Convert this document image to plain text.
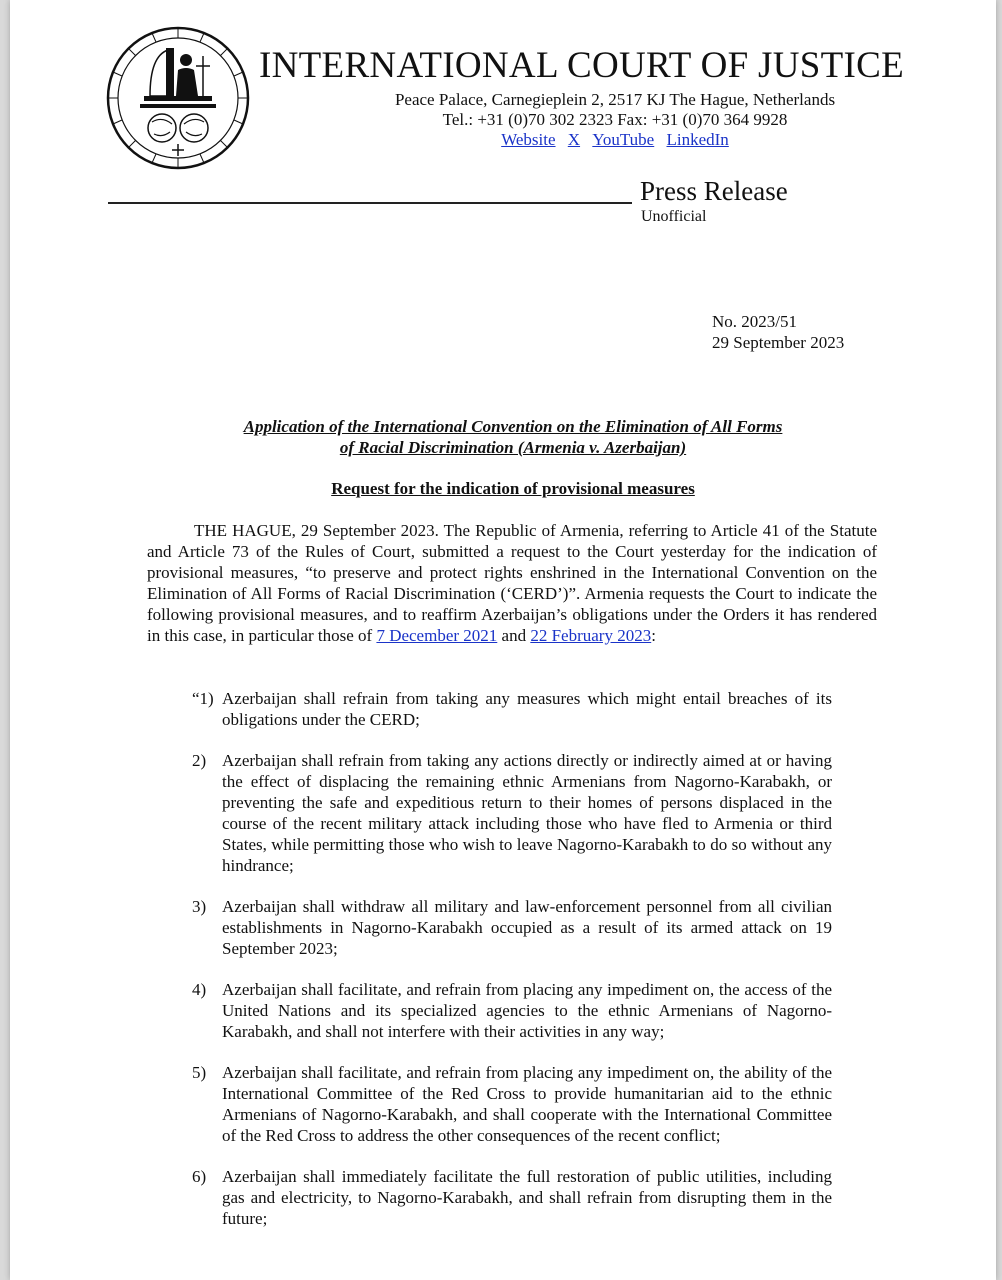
INTERNATIONAL COURT OF JUSTICE
Peace Palace, Carnegieplein 2, 2517 KJ The Hague, Netherlands
Tel.: +31 (0)70 302 2323 Fax: +31 (0)70 364 9928
Website X YouTube LinkedIn
Press Release
Unofficial
No. 2023/51
29 September 2023
Application of the International Convention on the Elimination of All Forms
of Racial Discrimination (Armenia v. Azerbaijan)
Request for the indication of provisional measures
THE HAGUE, 29 September 2023. The Republic of Armenia, referring to Article 41 of the Statute and Article 73 of the Rules of Court, submitted a request to the Court yesterday for the indication of provisional measures, “to preserve and protect rights enshrined in the International Convention on the Elimination of All Forms of Racial Discrimination (‘CERD’)”. Armenia requests the Court to indicate the following provisional measures, and to reaffirm Azerbaijan’s obligations under the Orders it has rendered in this case, in particular those of 7 December 2021 and 22 February 2023:
“1) Azerbaijan shall refrain from taking any measures which might entail breaches of its obligations under the CERD;
2) Azerbaijan shall refrain from taking any actions directly or indirectly aimed at or having the effect of displacing the remaining ethnic Armenians from Nagorno-Karabakh, or preventing the safe and expeditious return to their homes of persons displaced in the course of the recent military attack including those who have fled to Armenia or third States, while permitting those who wish to leave Nagorno-Karabakh to do so without any hindrance;
3) Azerbaijan shall withdraw all military and law-enforcement personnel from all civilian establishments in Nagorno-Karabakh occupied as a result of its armed attack on 19 September 2023;
4) Azerbaijan shall facilitate, and refrain from placing any impediment on, the access of the United Nations and its specialized agencies to the ethnic Armenians of Nagorno-Karabakh, and shall not interfere with their activities in any way;
5) Azerbaijan shall facilitate, and refrain from placing any impediment on, the ability of the International Committee of the Red Cross to provide humanitarian aid to the ethnic Armenians of Nagorno-Karabakh, and shall cooperate with the International Committee of the Red Cross to address the other consequences of the recent conflict;
6) Azerbaijan shall immediately facilitate the full restoration of public utilities, including gas and electricity, to Nagorno-Karabakh, and shall refrain from disrupting them in the future;
